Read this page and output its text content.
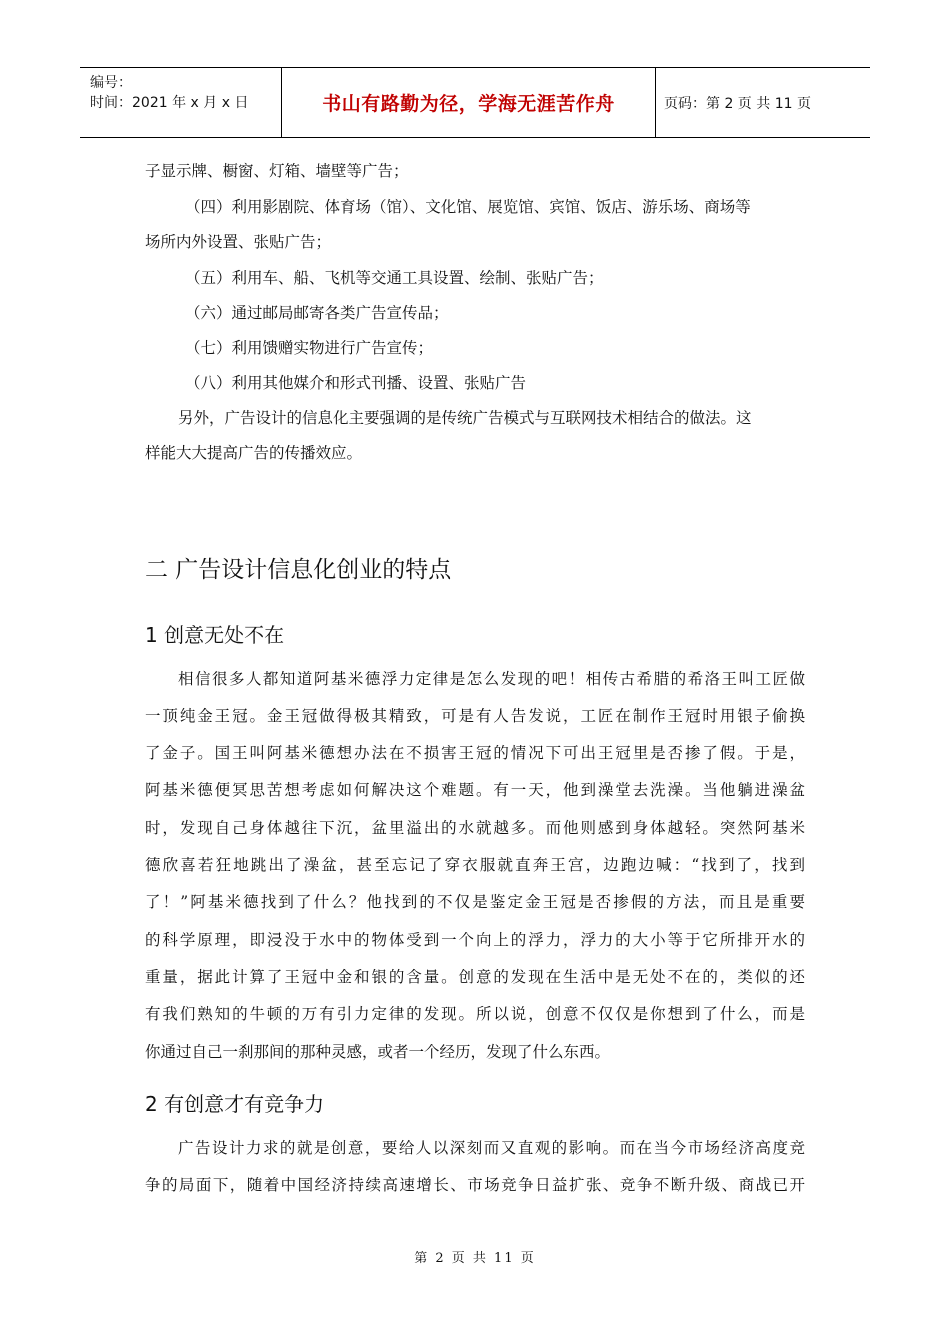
编号：
时间：2021 年 x 月 x 日	书山有路勤为径，学海无涯苦作舟	页码：第 2 页 共 11 页
子显示牌、橱窗、灯箱、墙壁等广告；
（四）利用影剧院、体育场（馆）、文化馆、展览馆、宾馆、饭店、游乐场、商场等
场所内外设置、张贴广告；
（五）利用车、船、飞机等交通工具设置、绘制、张贴广告；
（六）通过邮局邮寄各类广告宣传品；
（七）利用馈赠实物进行广告宣传；
（八）利用其他媒介和形式刊播、设置、张贴广告
另外，广告设计的信息化主要强调的是传统广告模式与互联网技术相结合的做法。这
样能大大提高广告的传播效应。
二 广告设计信息化创业的特点
1 创意无处不在
相信很多人都知道阿基米德浮力定律是怎么发现的吧！相传古希腊的希洛王叫工匠做
一顶纯金王冠。金王冠做得极其精致，可是有人告发说，工匠在制作王冠时用银子偷换
了金子。国王叫阿基米德想办法在不损害王冠的情况下可出王冠里是否掺了假。于是，
阿基米德便冥思苦想考虑如何解决这个难题。有一天，他到澡堂去洗澡。当他躺进澡盆
时，发现自己身体越往下沉，盆里溢出的水就越多。而他则感到身体越轻。突然阿基米
德欣喜若狂地跳出了澡盆，甚至忘记了穿衣服就直奔王宫，边跑边喊：“找到了，找到
了！”阿基米德找到了什么？他找到的不仅是鉴定金王冠是否掺假的方法，而且是重要
的科学原理，即浸没于水中的物体受到一个向上的浮力，浮力的大小等于它所排开水的
重量，据此计算了王冠中金和银的含量。创意的发现在生活中是无处不在的，类似的还
有我们熟知的牛顿的万有引力定律的发现。所以说，创意不仅仅是你想到了什么，而是
你通过自己一刹那间的那种灵感，或者一个经历，发现了什么东西。
2 有创意才有竞争力
广告设计力求的就是创意，要给人以深刻而又直观的影响。而在当今市场经济高度竞
争的局面下，随着中国经济持续高速增长、市场竞争日益扩张、竞争不断升级、商战已开
第 2 页 共 11 页
